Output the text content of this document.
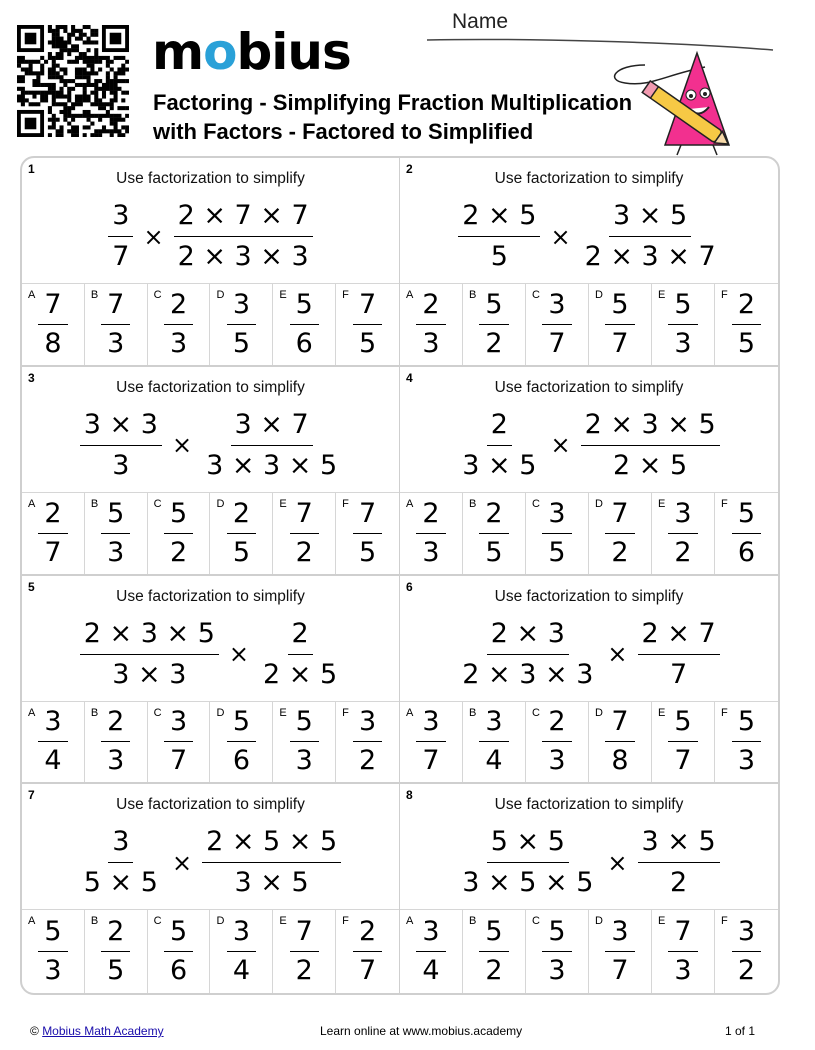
mobius
Name
Factoring - Simplifying Fraction Multiplication with Factors - Factored to Simplified
1
Use factorization to simplify
$\frac{3}{7} \times \frac{2 \times 7 \times 7}{2 \times 3 \times 3}$
A $\frac{7}{8}$ B $\frac{7}{3}$ C $\frac{2}{3}$ D $\frac{3}{5}$ E $\frac{5}{6}$ F $\frac{7}{5}$
2
Use factorization to simplify
$\frac{2 \times 5}{5} \times \frac{3 \times 5}{2 \times 3 \times 7}$
A $\frac{2}{3}$ B $\frac{5}{2}$ C $\frac{3}{7}$ D $\frac{5}{7}$ E $\frac{5}{3}$ F $\frac{2}{5}$
3
Use factorization to simplify
$\frac{3 \times 3}{3} \times \frac{3 \times 7}{3 \times 3 \times 5}$
A $\frac{2}{7}$ B $\frac{5}{3}$ C $\frac{5}{2}$ D $\frac{2}{5}$ E $\frac{7}{2}$ F $\frac{7}{5}$
4
Use factorization to simplify
$\frac{2}{3 \times 5} \times \frac{2 \times 3 \times 5}{2 \times 5}$
A $\frac{2}{3}$ B $\frac{2}{5}$ C $\frac{3}{5}$ D $\frac{7}{2}$ E $\frac{3}{2}$ F $\frac{5}{6}$
5
Use factorization to simplify
$\frac{2 \times 3 \times 5}{3 \times 3} \times \frac{2}{2 \times 5}$
A $\frac{3}{4}$ B $\frac{2}{3}$ C $\frac{3}{7}$ D $\frac{5}{6}$ E $\frac{5}{3}$ F $\frac{3}{2}$
6
Use factorization to simplify
$\frac{2 \times 3}{2 \times 3 \times 3} \times \frac{2 \times 7}{7}$
A $\frac{3}{7}$ B $\frac{3}{4}$ C $\frac{2}{3}$ D $\frac{7}{8}$ E $\frac{5}{7}$ F $\frac{5}{3}$
7
Use factorization to simplify
$\frac{3}{5 \times 5} \times \frac{2 \times 5 \times 5}{3 \times 5}$
A $\frac{5}{3}$ B $\frac{2}{5}$ C $\frac{5}{6}$ D $\frac{3}{4}$ E $\frac{7}{2}$ F $\frac{2}{7}$
8
Use factorization to simplify
$\frac{5 \times 5}{3 \times 5 \times 5} \times \frac{3 \times 5}{2}$
A $\frac{3}{4}$ B $\frac{5}{2}$ C $\frac{5}{3}$ D $\frac{3}{7}$ E $\frac{7}{3}$ F $\frac{3}{2}$
© Mobius Math Academy	Learn online at www.mobius.academy	1 of 1
